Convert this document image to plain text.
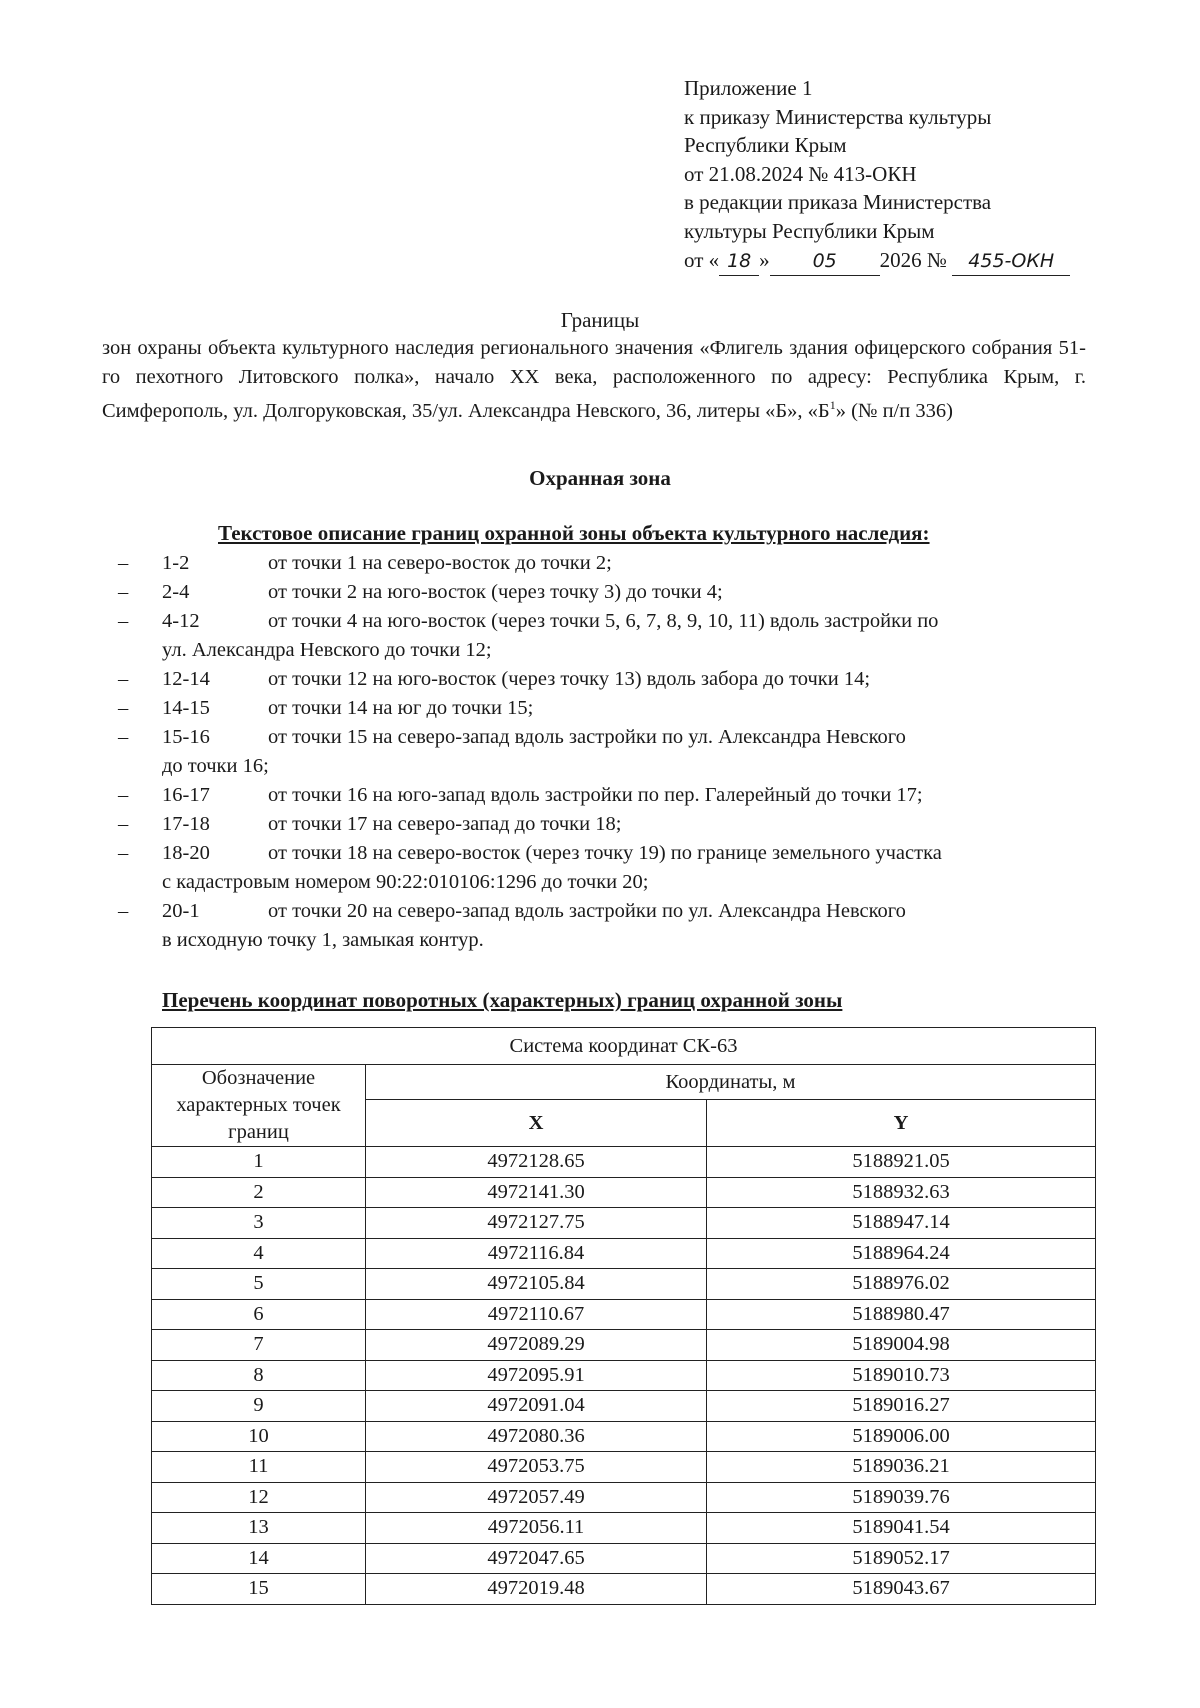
Приложение 1
к приказу Министерства культуры
Республики Крым
от 21.08.2024 № 413-ОКН
в редакции приказа Министерства
культуры Республики Крым
от « 18 » 05 2026 № 455-ОКН
Границы
зон охраны объекта культурного наследия регионального значения «Флигель здания офицерского собрания 51-го пехотного Литовского полка», начало XX века, расположенного по адресу: Республика Крым, г. Симферополь, ул. Долгоруковская, 35/ул. Александра Невского, 36, литеры «Б», «$Б^1$» (№ п/п 336)
Охранная зона
Текстовое описание границ охранной зоны объекта культурного наследия:
–	1-2	от точки 1 на северо-восток до точки 2;
–	2-4	от точки 2 на юго-восток (через точку 3) до точки 4;
–	4-12	от точки 4 на юго-восток (через точки 5, 6, 7, 8, 9, 10, 11) вдоль застройки по
ул. Александра Невского до точки 12;
–	12-14	от точки 12 на юго-восток (через точку 13) вдоль забора до точки 14;
–	14-15	от точки 14 на юг до точки 15;
–	15-16	от точки 15 на северо-запад вдоль застройки по ул. Александра Невского
до точки 16;
–	16-17	от точки 16 на юго-запад вдоль застройки по пер. Галерейный до точки 17;
–	17-18	от точки 17 на северо-запад до точки 18;
–	18-20	от точки 18 на северо-восток (через точку 19) по границе земельного участка
с кадастровым номером 90:22:010106:1296 до точки 20;
–	20-1	от точки 20 на северо-запад вдоль застройки по ул. Александра Невского
в исходную точку 1, замыкая контур.
Перечень координат поворотных (характерных) границ охранной зоны
Система координат СК-63		
Обозначение характерных точек границ	Координаты, м	
	X	Y
1	4972128.65	5188921.05
2	4972141.30	5188932.63
3	4972127.75	5188947.14
4	4972116.84	5188964.24
5	4972105.84	5188976.02
6	4972110.67	5188980.47
7	4972089.29	5189004.98
8	4972095.91	5189010.73
9	4972091.04	5189016.27
10	4972080.36	5189006.00
11	4972053.75	5189036.21
12	4972057.49	5189039.76
13	4972056.11	5189041.54
14	4972047.65	5189052.17
15	4972019.48	5189043.67
